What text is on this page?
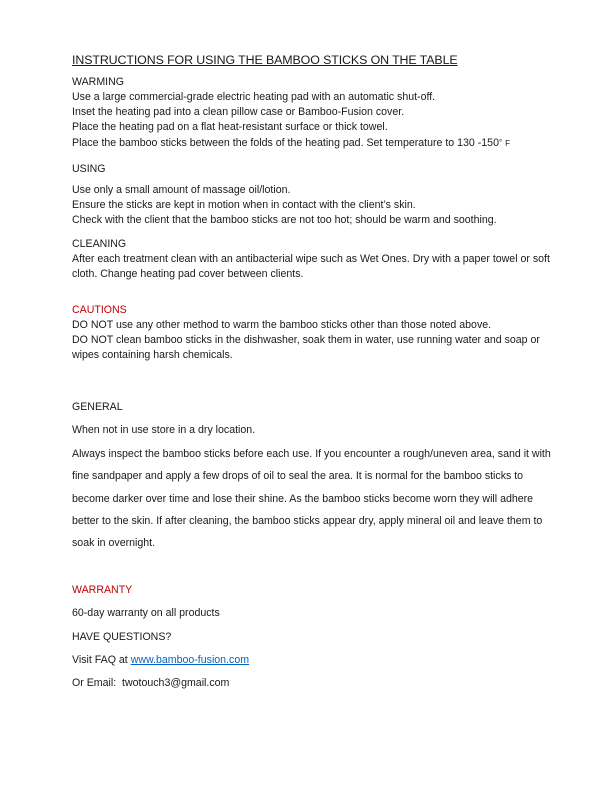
INSTRUCTIONS FOR USING THE BAMBOO STICKS ON THE TABLE

WARMING

Use a large commercial-grade electric heating pad with an automatic shut-off.

Inset the heating pad into a clean pillow case or Bamboo-Fusion cover.

Place the heating pad on a flat heat-resistant surface or thick towel.

Place the bamboo sticks between the folds of the heating pad. Set temperature to 130 -150° F

USING

Use only a small amount of massage oil/lotion.

Ensure the sticks are kept in motion when in contact with the client’s skin.

Check with the client that the bamboo sticks are not too hot; should be warm and soothing.

CLEANING

After each treatment clean with an antibacterial wipe such as Wet Ones. Dry with a paper towel or soft cloth. Change heating pad cover between clients.

CAUTIONS

DO NOT use any other method to warm the bamboo sticks other than those noted above.

DO NOT clean bamboo sticks in the dishwasher, soak them in water, use running water and soap or wipes containing harsh chemicals.

GENERAL

When not in use store in a dry location.

Always inspect the bamboo sticks before each use. If you encounter a rough/uneven area, sand it with fine sandpaper and apply a few drops of oil to seal the area. It is normal for the bamboo sticks to become darker over time and lose their shine. As the bamboo sticks become worn they will adhere better to the skin. If after cleaning, the bamboo sticks appear dry, apply mineral oil and leave them to soak in overnight.

WARRANTY

60-day warranty on all products

HAVE QUESTIONS?

Visit FAQ at www.bamboo-fusion.com

Or Email: twotouch3@gmail.com
